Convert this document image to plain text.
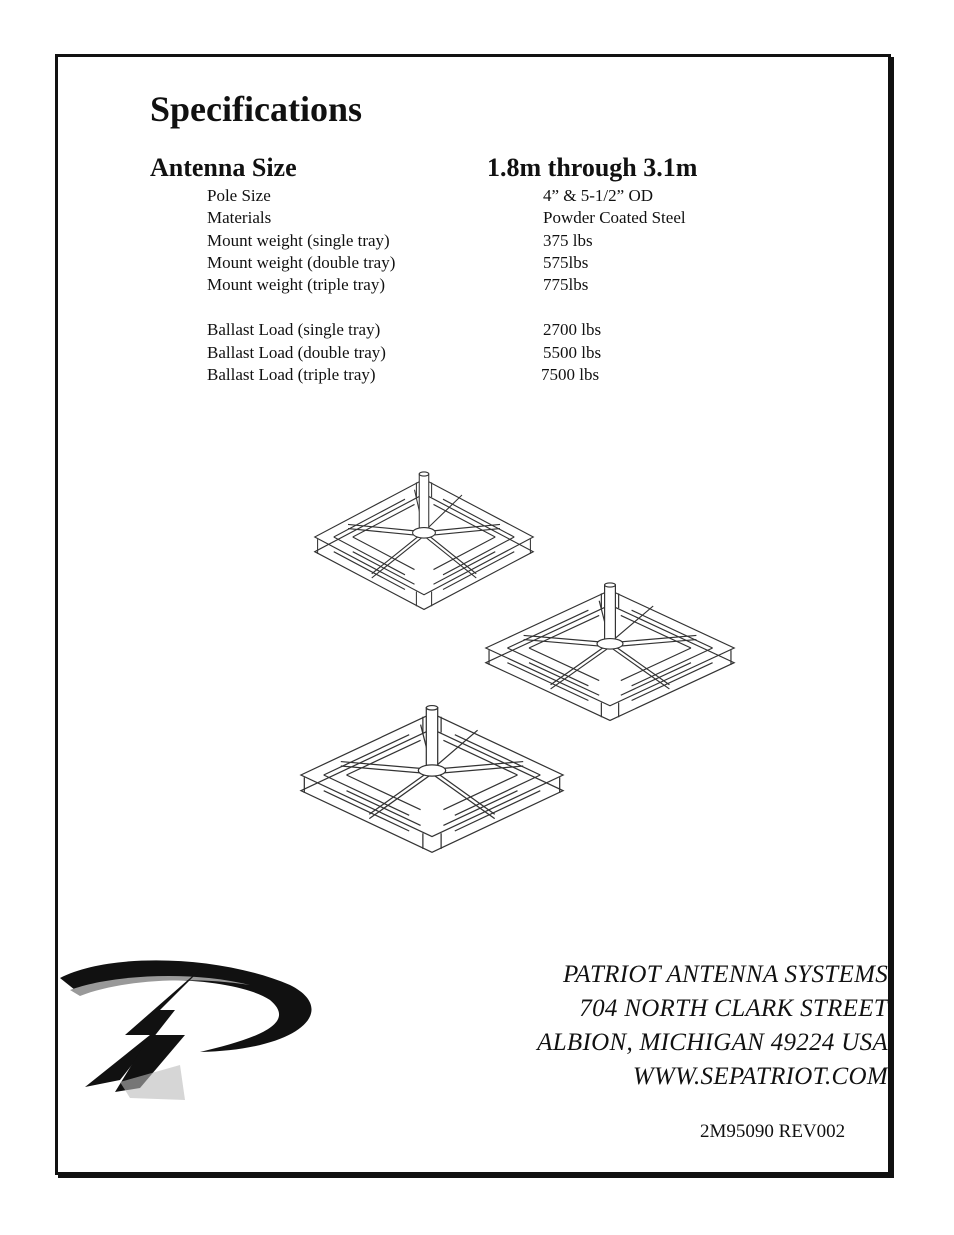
Specifications
Antenna Size	1.8m through 3.1m
Pole Size	4” & 5-1/2” OD
Materials	Powder Coated Steel
Mount weight (single tray)	375 lbs
Mount weight (double tray)	575lbs
Mount weight (triple tray)	775lbs
Ballast Load (single tray)	2700 lbs
Ballast Load (double tray)	5500 lbs
Ballast Load (triple tray)	7500 lbs
PATRIOT ANTENNA SYSTEMS
704 NORTH CLARK STREET
ALBION, MICHIGAN 49224 USA
WWW.SEPATRIOT.COM
2M95090 REV002
